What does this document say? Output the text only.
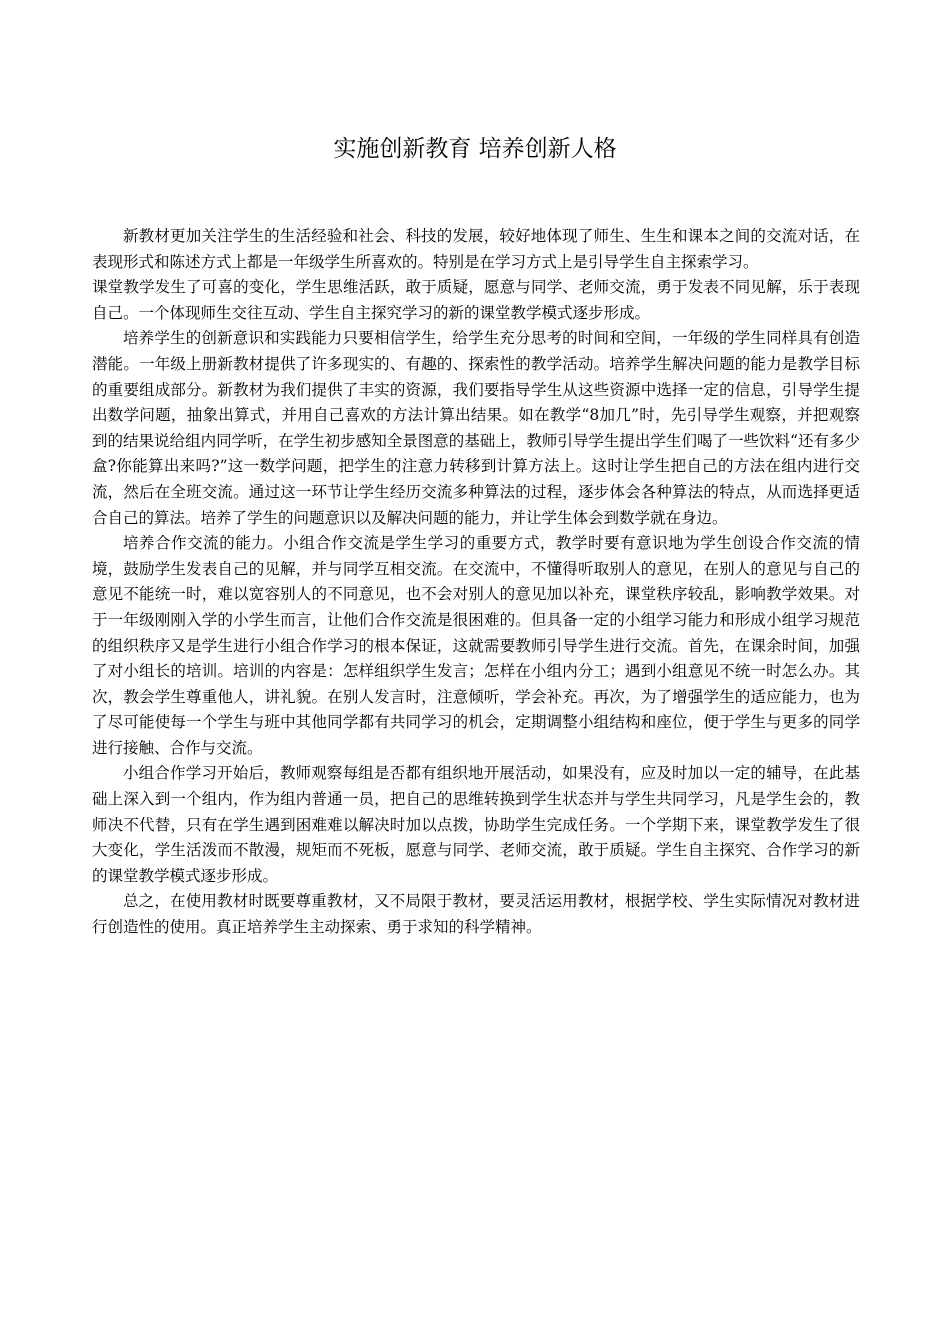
实施创新教育 培养创新人格

新教材更加关注学生的生活经验和社会、科技的发展，较好地体现了师生、生生和课本之间的交流对话，在表现形式和陈述方式上都是一年级学生所喜欢的。特别是在学习方式上是引导学生自主探索学习。

课堂教学发生了可喜的变化，学生思维活跃，敢于质疑，愿意与同学、老师交流，勇于发表不同见解，乐于表现自己。一个体现师生交往互动、学生自主探究学习的新的课堂教学模式逐步形成。

培养学生的创新意识和实践能力只要相信学生，给学生充分思考的时间和空间，一年级的学生同样具有创造潜能。一年级上册新教材提供了许多现实的、有趣的、探索性的教学活动。培养学生解决问题的能力是教学目标的重要组成部分。新教材为我们提供了丰实的资源，我们要指导学生从这些资源中选择一定的信息，引导学生提出数学问题，抽象出算式，并用自己喜欢的方法计算出结果。如在教学“8加几”时，先引导学生观察，并把观察到的结果说给组内同学听，在学生初步感知全景图意的基础上，教师引导学生提出学生们喝了一些饮料“还有多少盒?你能算出来吗?”这一数学问题，把学生的注意力转移到计算方法上。这时让学生把自己的方法在组内进行交流，然后在全班交流。通过这一环节让学生经历交流多种算法的过程，逐步体会各种算法的特点，从而选择更适合自己的算法。培养了学生的问题意识以及解决问题的能力，并让学生体会到数学就在身边。

培养合作交流的能力。小组合作交流是学生学习的重要方式，教学时要有意识地为学生创设合作交流的情境，鼓励学生发表自己的见解，并与同学互相交流。在交流中，不懂得听取别人的意见，在别人的意见与自己的意见不能统一时，难以宽容别人的不同意见，也不会对别人的意见加以补充，课堂秩序较乱，影响教学效果。对于一年级刚刚入学的小学生而言，让他们合作交流是很困难的。但具备一定的小组学习能力和形成小组学习规范的组织秩序又是学生进行小组合作学习的根本保证，这就需要教师引导学生进行交流。首先，在课余时间，加强了对小组长的培训。培训的内容是：怎样组织学生发言；怎样在小组内分工；遇到小组意见不统一时怎么办。其次，教会学生尊重他人，讲礼貌。在别人发言时，注意倾听，学会补充。再次，为了增强学生的适应能力，也为了尽可能使每一个学生与班中其他同学都有共同学习的机会，定期调整小组结构和座位，便于学生与更多的同学进行接触、合作与交流。

小组合作学习开始后，教师观察每组是否都有组织地开展活动，如果没有，应及时加以一定的辅导，在此基础上深入到一个组内，作为组内普通一员，把自己的思维转换到学生状态并与学生共同学习，凡是学生会的，教师决不代替，只有在学生遇到困难难以解决时加以点拨，协助学生完成任务。一个学期下来，课堂教学发生了很大变化，学生活泼而不散漫，规矩而不死板，愿意与同学、老师交流，敢于质疑。学生自主探究、合作学习的新的课堂教学模式逐步形成。

总之，在使用教材时既要尊重教材，又不局限于教材，要灵活运用教材，根据学校、学生实际情况对教材进行创造性的使用。真正培养学生主动探索、勇于求知的科学精神。
